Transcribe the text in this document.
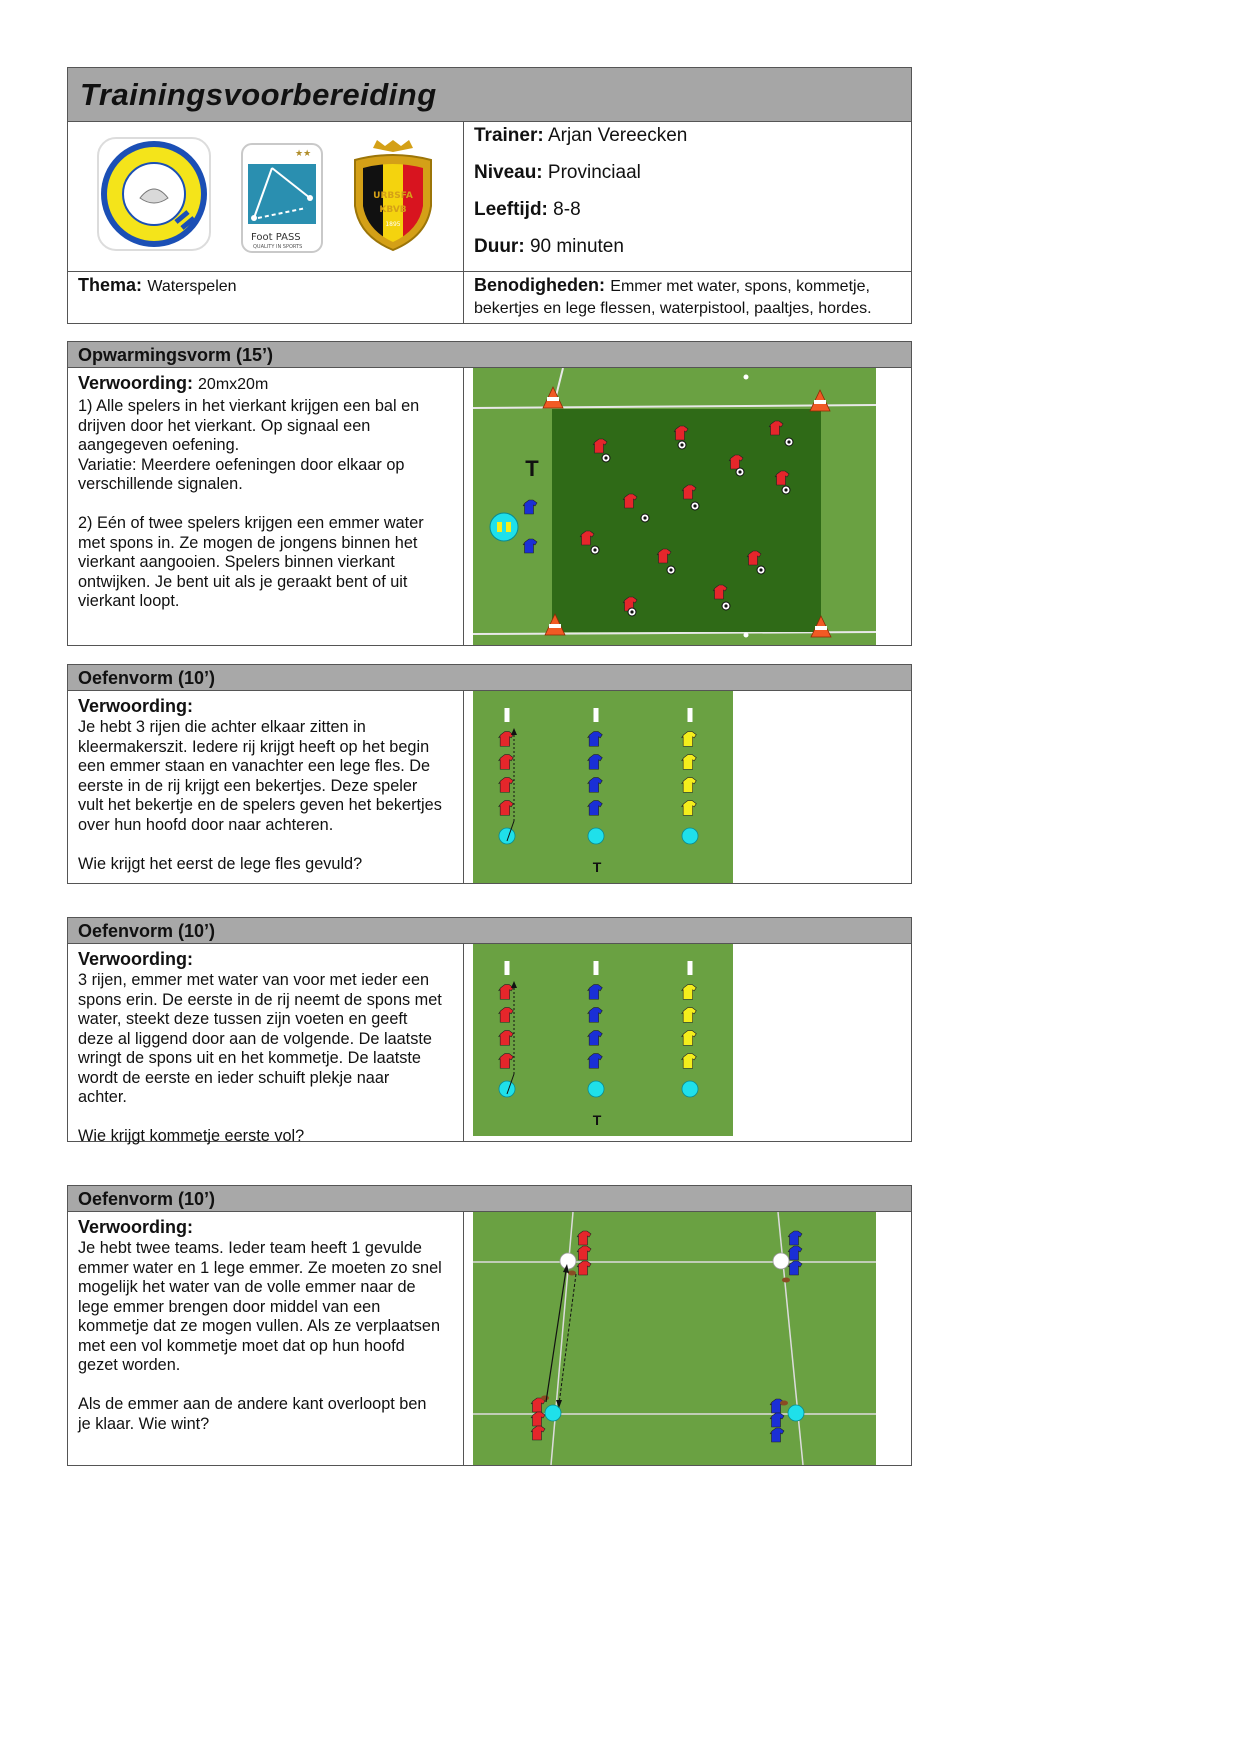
Trainingsvoorbereiding
★★
Foot PASS
QUALITY IN SPORTS
URBSFA
KBVB
1895
Trainer: Arjan Vereecken
Niveau: Provinciaal
Leeftijd: 8-8
Duur: 90 minuten
Thema: Waterspelen	Benodigheden: Emmer met water, spons, kommetje,
bekertjes en lege flessen, waterpistool, paaltjes, hordes.
Opwarmingsvorm (15’)
Verwoording: 20mx20m

1) Alle spelers in het vierkant krijgen een bal en

drijven door het vierkant. Op signaal een

aangegeven oefening.

Variatie: Meerdere oefeningen door elkaar op

verschillende signalen.

2) Eén of twee spelers krijgen een emmer water

met spons in. Ze mogen de jongens binnen het

vierkant aangooien. Spelers binnen vierkant

ontwijken. Je bent uit als je geraakt bent of uit

vierkant loopt.

T
Oefenvorm (10’)
Verwoording:

Je hebt 3 rijen die achter elkaar zitten in

kleermakerszit. Iedere rij krijgt heeft op het begin

een emmer staan en vanachter een lege fles. De

eerste in de rij krijgt een bekertjes. Deze speler

vult het bekertje en de spelers geven het bekertjes

over hun hoofd door naar achteren.

Wie krijgt het eerst de lege fles gevuld?	T
Oefenvorm (10’)
Verwoording:

3 rijen, emmer met water van voor met ieder een

spons erin. De eerste in de rij neemt de spons met

water, steekt deze tussen zijn voeten en geeft

deze al liggend door aan de volgende. De laatste

wringt de spons uit en het kommetje. De laatste

wordt de eerste en ieder schuift plekje naar

achter.

Wie krijgt kommetje eerste vol?

T
Oefenvorm (10’)
Verwoording:

Je hebt twee teams. Ieder team heeft 1 gevulde

emmer water en 1 lege emmer. Ze moeten zo snel

mogelijk het water van de volle emmer naar de

lege emmer brengen door middel van een

kommetje dat ze mogen vullen. Als ze verplaatsen

met een vol kommetje moet dat op hun hoofd

gezet worden.

Als de emmer aan de andere kant overloopt ben

je klaar. Wie wint?
